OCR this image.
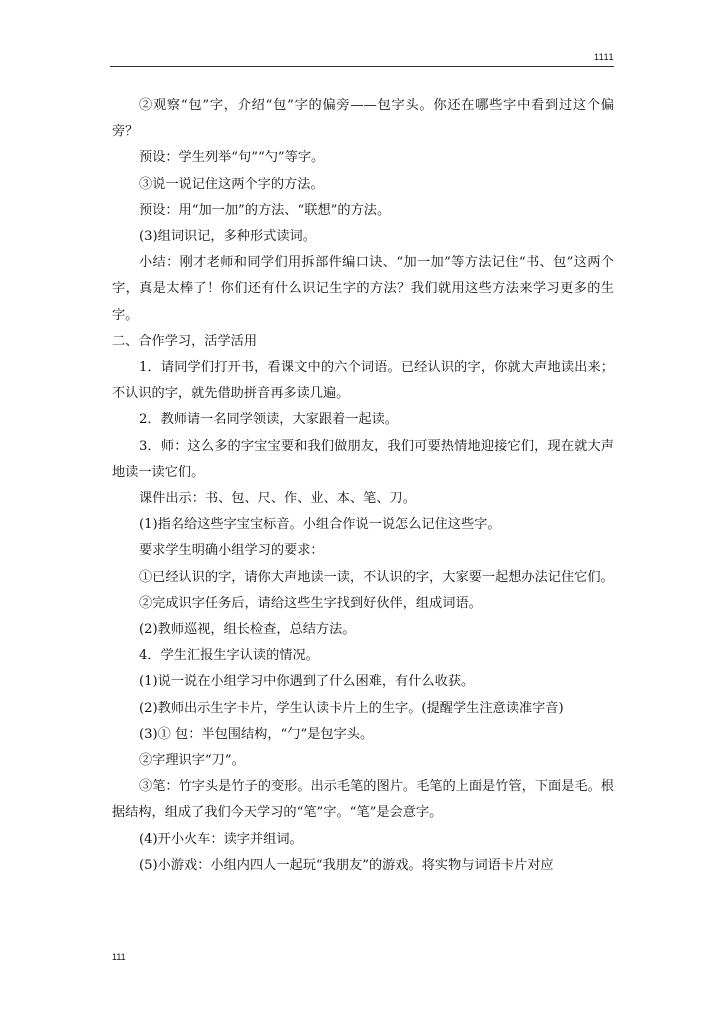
1111

②观察“包”字，介绍“包”字的偏旁——包字头。你还在哪些字中看到过这个偏旁？

预设：学生列举“句”“勺”等字。

③说一说记住这两个字的方法。

预设：用“加一加”的方法、“联想”的方法。

(3)组词识记，多种形式读词。

小结：刚才老师和同学们用拆部件编口诀、“加一加”等方法记住“书、包”这两个字，真是太棒了！你们还有什么识记生字的方法？我们就用这些方法来学习更多的生字。

二、合作学习，活学活用

1．请同学们打开书，看课文中的六个词语。已经认识的字，你就大声地读出来；不认识的字，就先借助拼音再多读几遍。

2．教师请一名同学领读，大家跟着一起读。

3．师：这么多的字宝宝要和我们做朋友，我们可要热情地迎接它们，现在就大声地读一读它们。

课件出示：书、包、尺、作、业、本、笔、刀。

(1)指名给这些字宝宝标音。小组合作说一说怎么记住这些字。

要求学生明确小组学习的要求：

①已经认识的字，请你大声地读一读，不认识的字，大家要一起想办法记住它们。

②完成识字任务后，请给这些生字找到好伙伴，组成词语。

(2)教师巡视，组长检查，总结方法。

4．学生汇报生字认读的情况。

(1)说一说在小组学习中你遇到了什么困难，有什么收获。

(2)教师出示生字卡片，学生认读卡片上的生字。(提醒学生注意读准字音)

(3)① 包：半包围结构，“勹”是包字头。

②字理识字“刀”。

③笔：竹字头是竹子的变形。出示毛笔的图片。毛笔的上面是竹管，下面是毛。根据结构，组成了我们今天学习的“笔”字。“笔”是会意字。

(4)开小火车：读字并组词。

(5)小游戏：小组内四人一起玩“我朋友”的游戏。将实物与词语卡片对应

111
